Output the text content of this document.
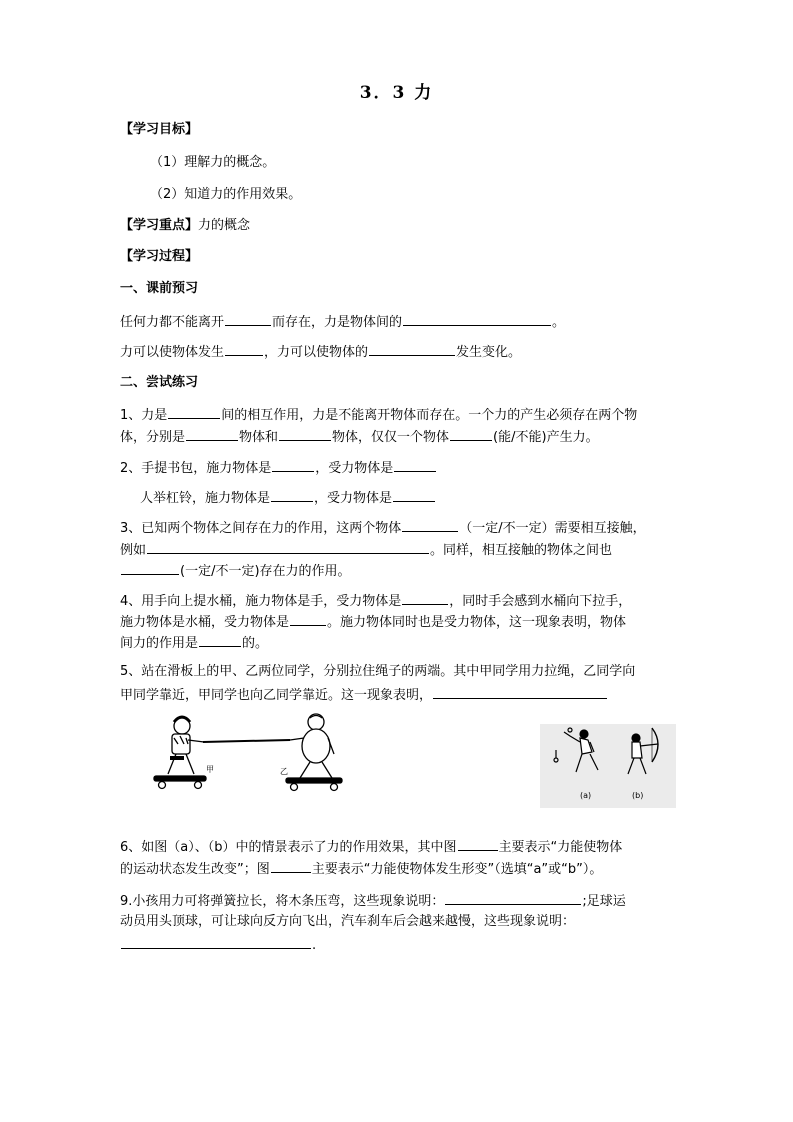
3．3 力
【学习目标】
（1）理解力的概念。
（2）知道力的作用效果。
【学习重点】力的概念
【学习过程】
一、课前预习
任何力都不能离开	而存在，力是物体间的	。
力可以使物体发生	，力可以使物体的	发生变化。
二、尝试练习
1、力是	间的相互作用，力是不能离开物体而存在。一个力的产生必须存在两个物
体，分别是	物体和	物体，仅仅一个物体	(能/不能)产生力。
2、手提书包，施力物体是	，受力物体是
人举杠铃，施力物体是	，受力物体是
3、已知两个物体之间存在力的作用，这两个物体	（一定/不一定）需要相互接触，
例如	。同样，相互接触的物体之间也
(一定/不一定)存在力的作用。
4、用手向上提水桶，施力物体是手，受力物体是	，同时手会感到水桶向下拉手，
施力物体是水桶，受力物体是	。施力物体同时也是受力物体，这一现象表明，物体
间力的作用是	的。
5、站在滑板上的甲、乙两位同学，分别拉住绳子的两端。其中甲同学用力拉绳，乙同学向
甲同学靠近，甲同学也向乙同学靠近。这一现象表明，
甲	乙
(a)	(b)
6、如图（a）、（b）中的情景表示了力的作用效果，其中图	主要表示“力能使物体
的运动状态发生改变”；图	主要表示“力能使物体发生形变”（选填“a”或“b”）。
9.小孩用力可将弹簧拉长，将木条压弯，这些现象说明：	;足球运
动员用头顶球，可让球向反方向飞出，汽车刹车后会越来越慢，这些现象说明：
.
